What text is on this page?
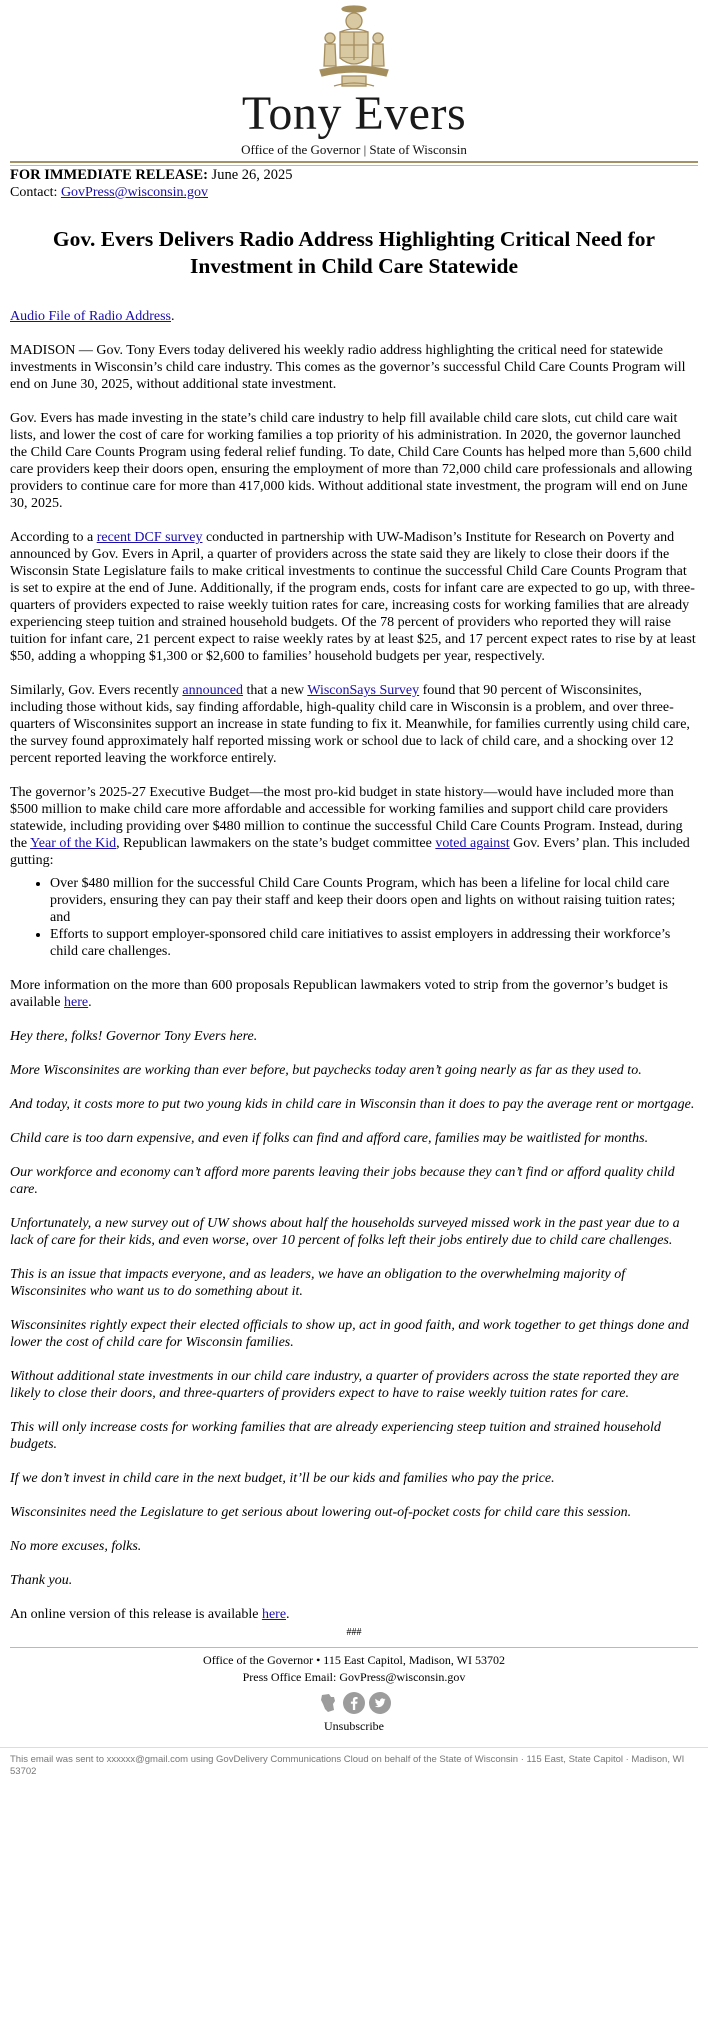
Tony Evers
Office of the Governor | State of Wisconsin

FOR IMMEDIATE RELEASE: June 26, 2025

Contact: GovPress@wisconsin.gov

Gov. Evers Delivers Radio Address Highlighting Critical Need for Investment in Child Care Statewide

Audio File of Radio Address.

MADISON — Gov. Tony Evers today delivered his weekly radio address highlighting the critical need for statewide investments in Wisconsin’s child care industry. This comes as the governor’s successful Child Care Counts Program will end on June 30, 2025, without additional state investment.

Gov. Evers has made investing in the state’s child care industry to help fill available child care slots, cut child care wait lists, and lower the cost of care for working families a top priority of his administration. In 2020, the governor launched the Child Care Counts Program using federal relief funding. To date, Child Care Counts has helped more than 5,600 child care providers keep their doors open, ensuring the employment of more than 72,000 child care professionals and allowing providers to continue care for more than 417,000 kids. Without additional state investment, the program will end on June 30, 2025.

According to a recent DCF survey conducted in partnership with UW-Madison’s Institute for Research on Poverty and announced by Gov. Evers in April, a quarter of providers across the state said they are likely to close their doors if the Wisconsin State Legislature fails to make critical investments to continue the successful Child Care Counts Program that is set to expire at the end of June. Additionally, if the program ends, costs for infant care are expected to go up, with three-quarters of providers expected to raise weekly tuition rates for care, increasing costs for working families that are already experiencing steep tuition and strained household budgets. Of the 78 percent of providers who reported they will raise tuition for infant care, 21 percent expect to raise weekly rates by at least $25, and 17 percent expect rates to rise by at least $50, adding a whopping $1,300 or $2,600 to families’ household budgets per year, respectively.

Similarly, Gov. Evers recently announced that a new WisconSays Survey found that 90 percent of Wisconsinites, including those without kids, say finding affordable, high-quality child care in Wisconsin is a problem, and over three-quarters of Wisconsinites support an increase in state funding to fix it. Meanwhile, for families currently using child care, the survey found approximately half reported missing work or school due to lack of child care, and a shocking over 12 percent reported leaving the workforce entirely.

The governor’s 2025-27 Executive Budget—the most pro-kid budget in state history—would have included more than $500 million to make child care more affordable and accessible for working families and support child care providers statewide, including providing over $480 million to continue the successful Child Care Counts Program. Instead, during the Year of the Kid, Republican lawmakers on the state’s budget committee voted against Gov. Evers’ plan. This included gutting:

• Over $480 million for the successful Child Care Counts Program, which has been a lifeline for local child care providers, ensuring they can pay their staff and keep their doors open and lights on without raising tuition rates; and
• Efforts to support employer-sponsored child care initiatives to assist employers in addressing their workforce’s child care challenges.

More information on the more than 600 proposals Republican lawmakers voted to strip from the governor’s budget is available here.

Hey there, folks! Governor Tony Evers here.

More Wisconsinites are working than ever before, but paychecks today aren’t going nearly as far as they used to.

And today, it costs more to put two young kids in child care in Wisconsin than it does to pay the average rent or mortgage.

Child care is too darn expensive, and even if folks can find and afford care, families may be waitlisted for months.

Our workforce and economy can’t afford more parents leaving their jobs because they can’t find or afford quality child care.

Unfortunately, a new survey out of UW shows about half the households surveyed missed work in the past year due to a lack of care for their kids, and even worse, over 10 percent of folks left their jobs entirely due to child care challenges.

This is an issue that impacts everyone, and as leaders, we have an obligation to the overwhelming majority of Wisconsinites who want us to do something about it.

Wisconsinites rightly expect their elected officials to show up, act in good faith, and work together to get things done and lower the cost of child care for Wisconsin families.

Without additional state investments in our child care industry, a quarter of providers across the state reported they are likely to close their doors, and three-quarters of providers expect to have to raise weekly tuition rates for care.

This will only increase costs for working families that are already experiencing steep tuition and strained household budgets.

If we don’t invest in child care in the next budget, it’ll be our kids and families who pay the price.

Wisconsinites need the Legislature to get serious about lowering out-of-pocket costs for child care this session.

No more excuses, folks.

Thank you.

An online version of this release is available here.

###
Office of the Governor • 115 East Capitol, Madison, WI 53702
Press Office Email: GovPress@wisconsin.gov
Unsubscribe
This email was sent to xxxxxx@gmail.com using GovDelivery Communications Cloud on behalf of the State of Wisconsin · 115 East, State Capitol · Madison, WI 53702
